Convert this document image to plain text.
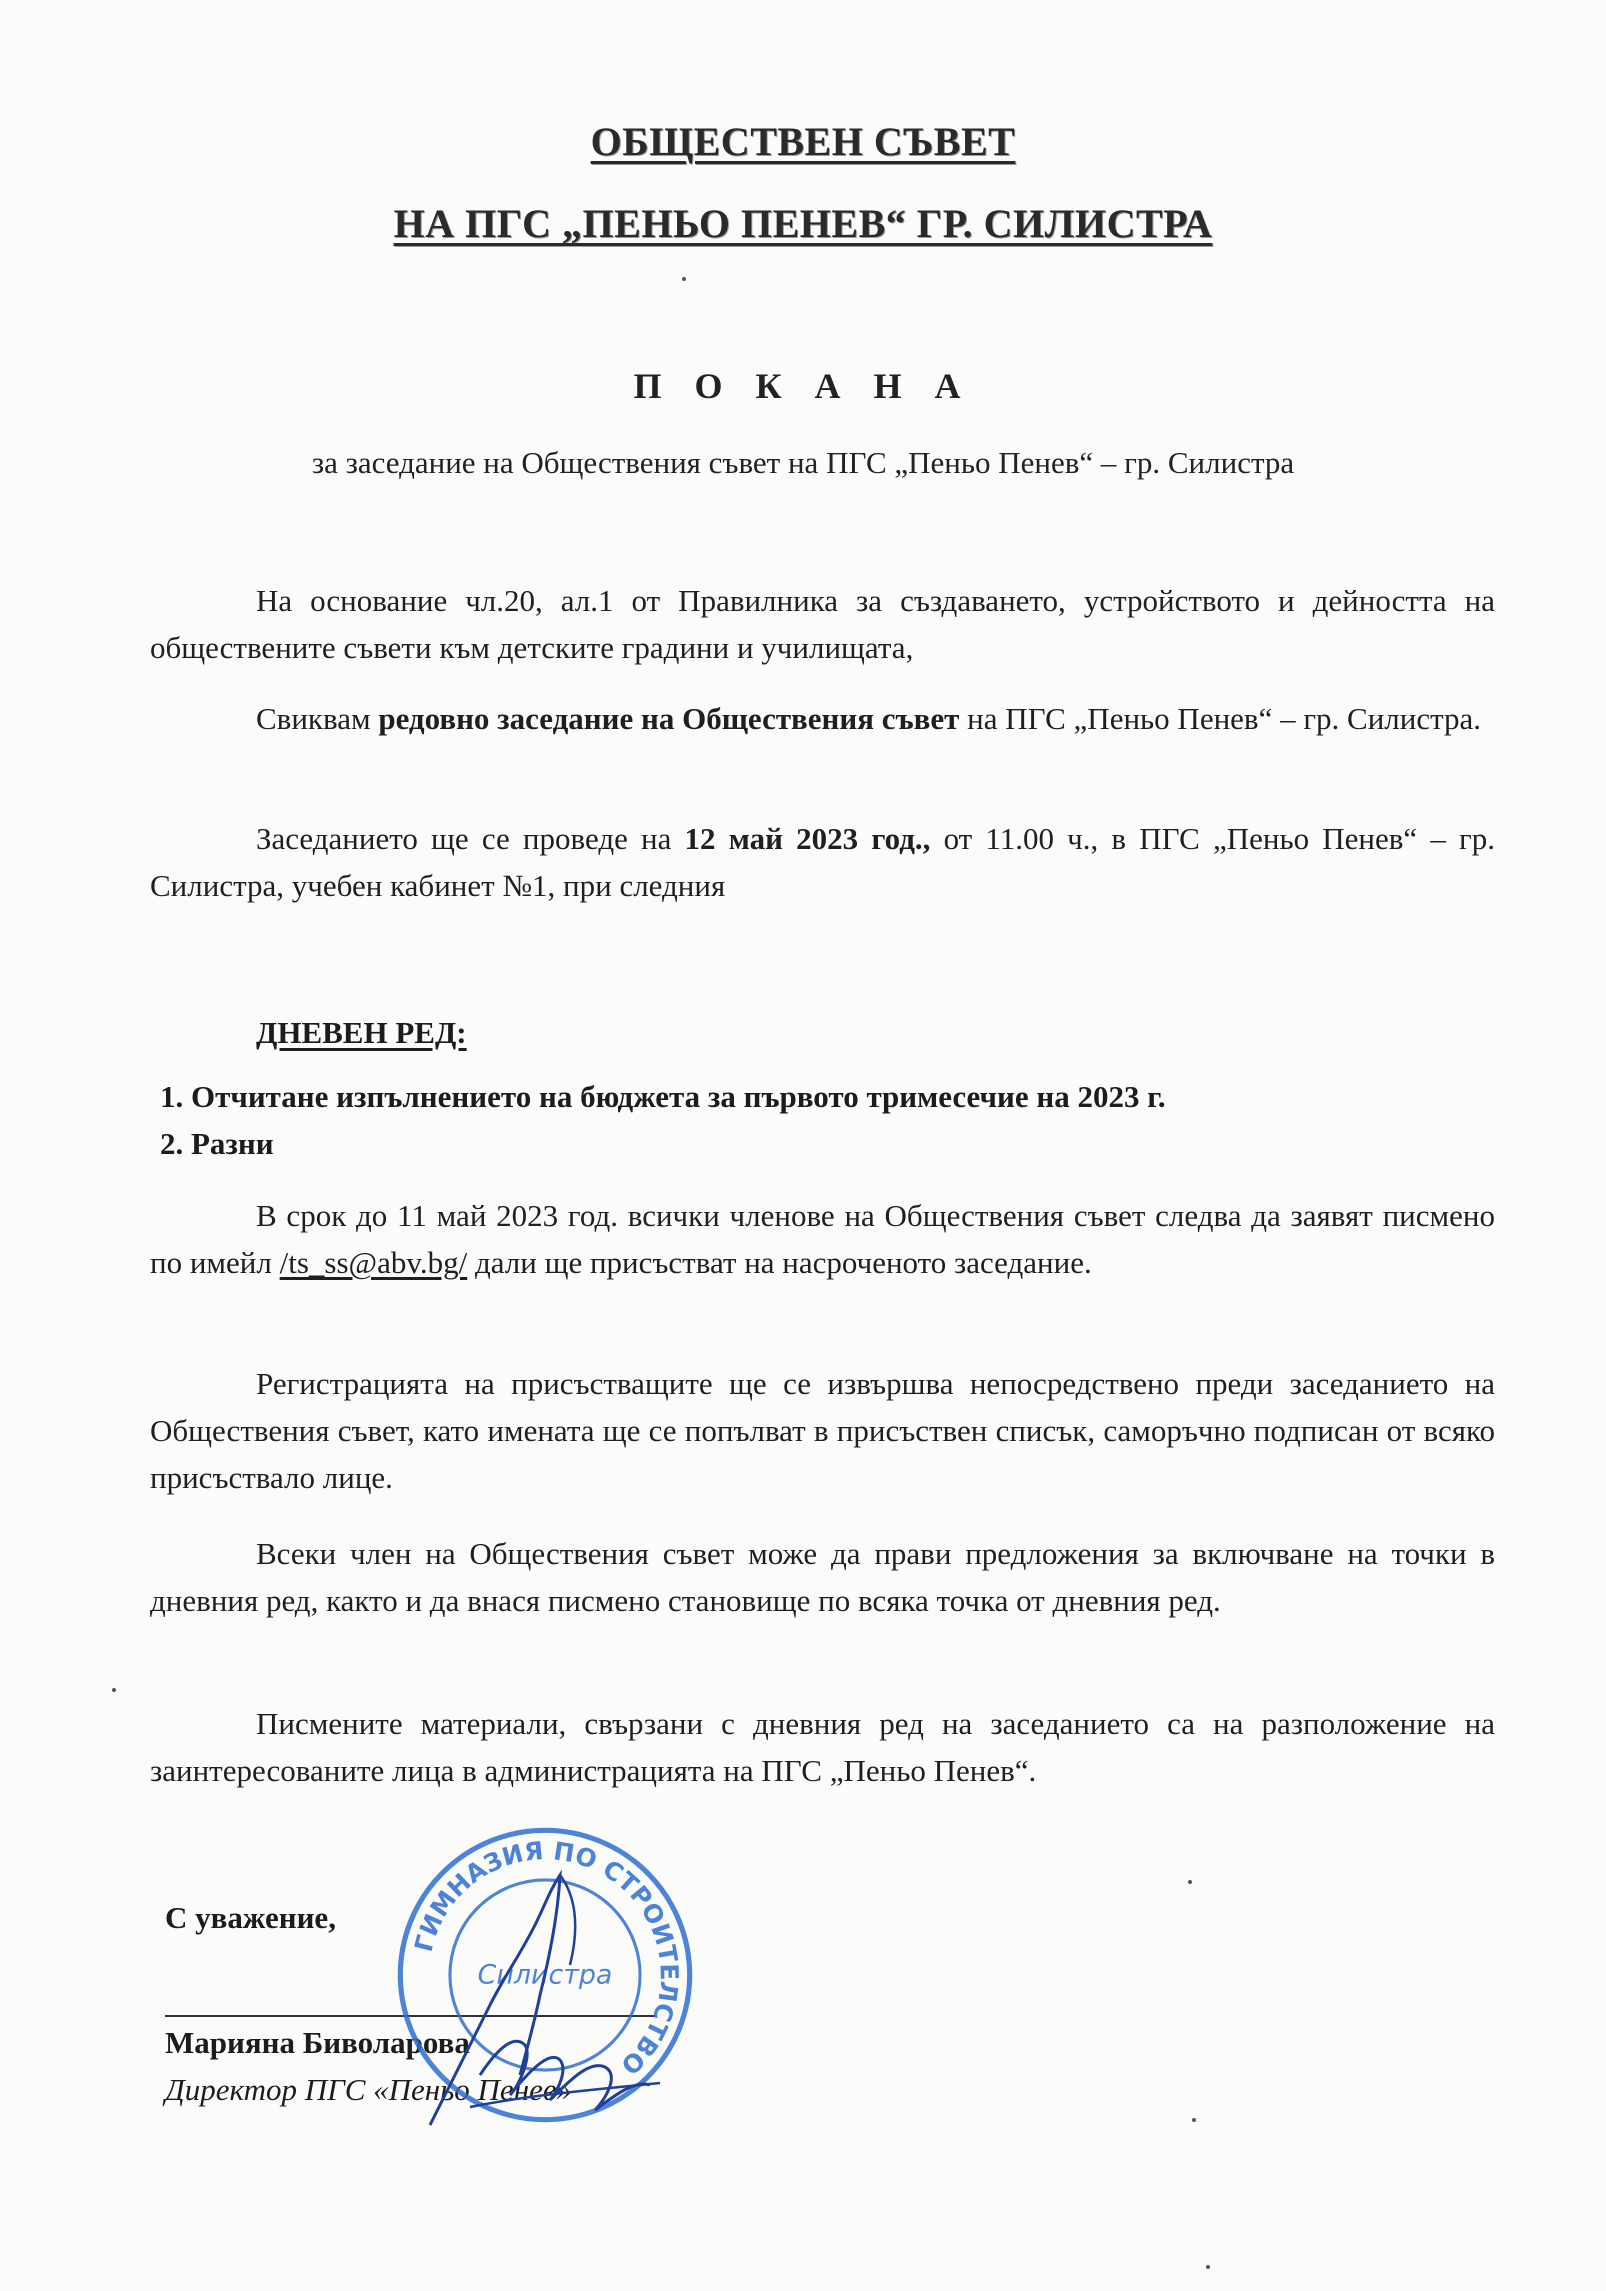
ОБЩЕСТВЕН СЪВЕТ
НА ПГС „ПЕНЬО ПЕНЕВ“ ГР. СИЛИСТРА
П О К А Н А
за заседание на Обществения съвет на ПГС „Пеньо Пенев“ – гр. Силистра
На основание чл.20, ал.1 от Правилника за създаването, устройството и дейността на обществените съвети към детските градини и училищата,
Свиквам редовно заседание на Обществения съвет на ПГС „Пеньо Пенев“ – гр. Силистра.
Заседанието ще се проведе на 12 май 2023 год., от 11.00 ч., в ПГС „Пеньо Пенев“ – гр. Силистра, учебен кабинет №1, при следния
ДНЕВЕН РЕД:
1. Отчитане изпълнението на бюджета за първото тримесечие на 2023 г.
2. Разни
В срок до 11 май 2023 год. всички членове на Обществения съвет следва да заявят писмено по имейл /ts_ss@abv.bg/ дали ще присъстват на насроченото заседание.
Регистрацията на присъстващите ще се извършва непосредствено преди заседанието на Обществения съвет, като имената ще се попълват в присъствен списък, саморъчно подписан от всяко присъствало лице.
Всеки член на Обществения съвет може да прави предложения за включване на точки в дневния ред, както и да внася писмено становище по всяка точка от дневния ред.
Писмените материали, свързани с дневния ред на заседанието са на разположение на заинтересованите лица в администрацията на ПГС „Пеньо Пенев“.
С уважение,
Марияна Биволарова
Директор ПГС «Пеньо Пенев»
ГИМНАЗИЯ ПО СТРОИТЕЛСТВО
Силистра
